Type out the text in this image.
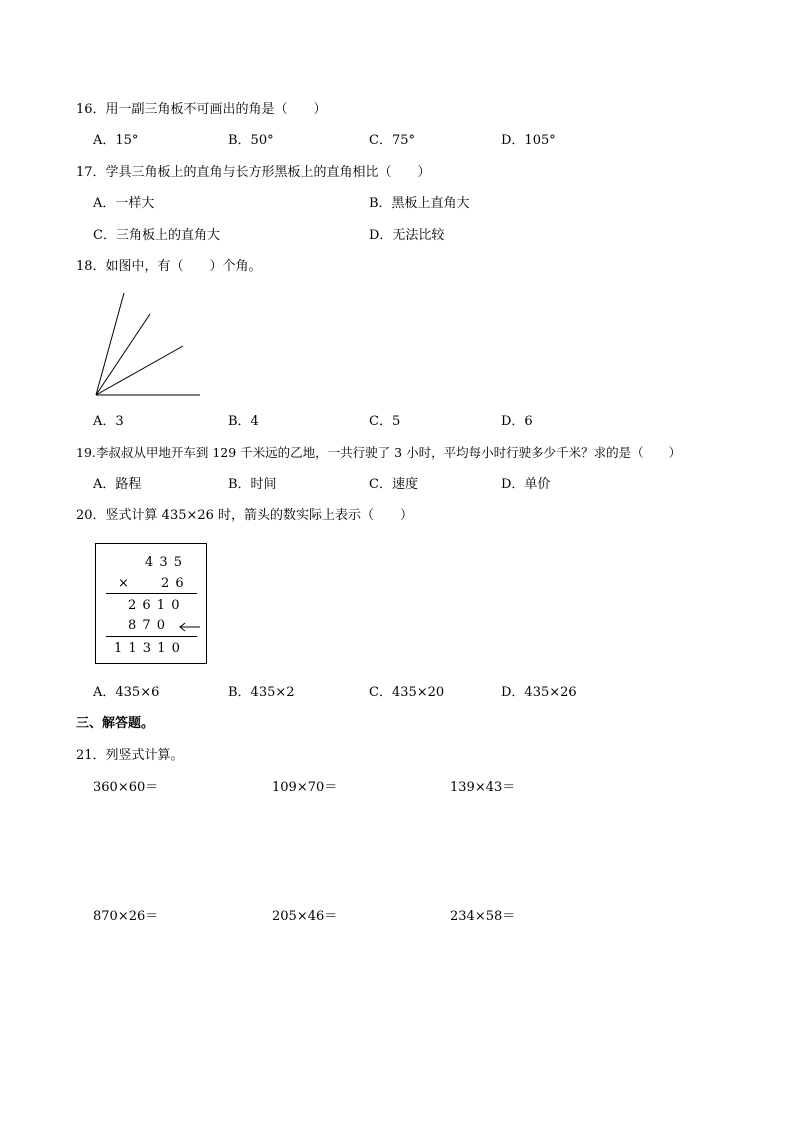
16．用一副三角板不可画出的角是（　　）
A．15°	B．50°	C．75°	D．105°
17．学具三角板上的直角与长方形黑板上的直角相比（　　）
A．一样大	B．黑板上直角大
C．三角板上的直角大	D．无法比较
18．如图中，有（　　）个角。
A．3	B．4	C．5	D．6
19.李叔叔从甲地开车到 129 千米远的乙地，一共行驶了 3 小时，平均每小时行驶多少千米？求的是（　　）
A．路程	B．时间	C．速度	D．单价
20．竖式计算 435×26 时，箭头的数实际上表示（　　）
4 3 5
× 2 6
2 6 1 0
8 7 0
1 1 3 1 0
A．435×6	B．435×2	C．435×20	D．435×26
三、解答题。
21．列竖式计算。
360×60＝	109×70＝	139×43＝
870×26＝	205×46＝	234×58＝
